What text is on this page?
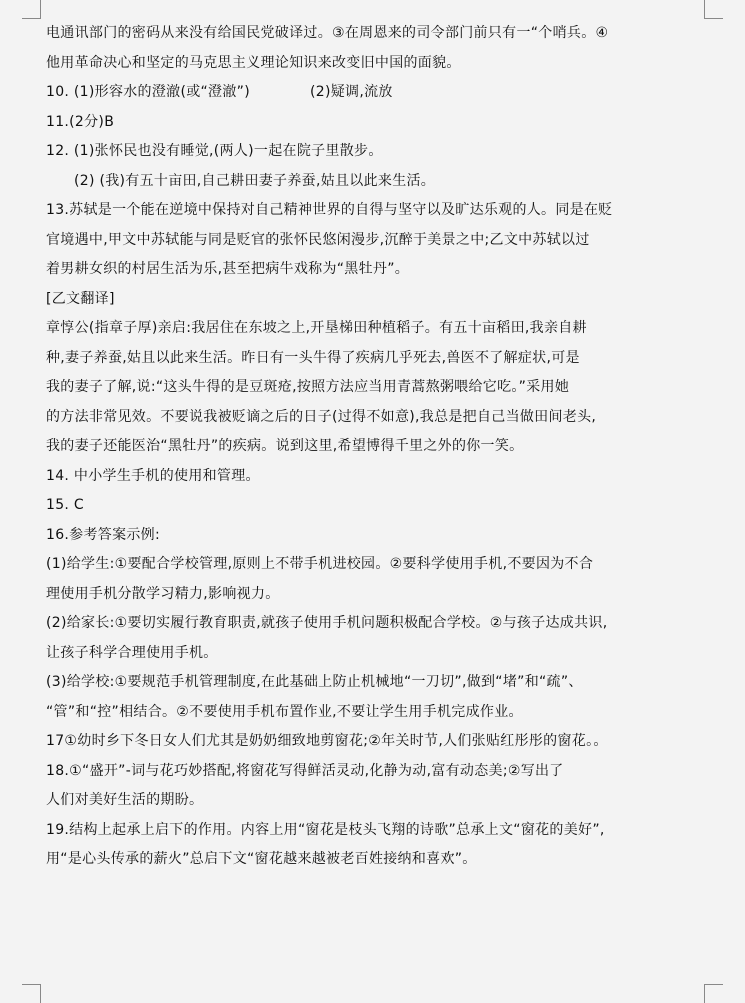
电通讯部门的密码从来没有给国民党破译过。③在周恩来的司令部门前只有一“个哨兵。④
他用革命决心和坚定的马克思主义理论知识来改变旧中国的面貌。
10. (1)形容水的澄澈(或“澄澈”)	(2)疑调,流放
11.(2分)B
12. (1)张怀民也没有睡觉,(两人)一起在院子里散步。
(2) (我)有五十亩田,自己耕田妻子养蚕,姑且以此来生活。
13.苏轼是一个能在逆境中保持对自己精神世界的自得与坚守以及旷达乐观的人。同是在贬
官境遇中,甲文中苏轼能与同是贬官的张怀民悠闲漫步,沉醉于美景之中;乙文中苏轼以过
着男耕女织的村居生活为乐,甚至把病牛戏称为“黑牡丹”。
[乙文翻译]
章惇公(指章子厚)亲启:我居住在东坡之上,开垦梯田种植稻子。有五十亩稻田,我亲自耕
种,妻子养蚕,姑且以此来生活。昨日有一头牛得了疾病几乎死去,兽医不了解症状,可是
我的妻子了解,说:“这头牛得的是豆斑疮,按照方法应当用青蒿熬粥喂给它吃。”采用她
的方法非常见效。不要说我被贬谪之后的日子(过得不如意),我总是把自己当做田间老头,
我的妻子还能医治“黑牡丹”的疾病。说到这里,希望博得千里之外的你一笑。
14. 中小学生手机的使用和管理。
15. C
16.参考答案示例:
(1)给学生:①要配合学校管理,原则上不带手机进校园。②要科学使用手机,不要因为不合
理使用手机分散学习精力,影响视力。
(2)给家长:①要切实履行教育职责,就孩子使用手机问题积极配合学校。②与孩子达成共识,
让孩子科学合理使用手机。
(3)给学校:①要规范手机管理制度,在此基础上防止机械地“一刀切”,做到“堵”和“疏”、
“管”和“控”相结合。②不要使用手机布置作业,不要让学生用手机完成作业。
17①幼时乡下冬日女人们尤其是奶奶细致地剪窗花;②年关时节,人们张贴红彤彤的窗花。。
18.①“盛开”-词与花巧妙搭配,将窗花写得鲜活灵动,化静为动,富有动态美;②写出了
人们对美好生活的期盼。
19.结构上起承上启下的作用。内容上用“窗花是枝头飞翔的诗歌”总承上文“窗花的美好”,
用“是心头传承的薪火”总启下文“窗花越来越被老百姓接纳和喜欢”。
